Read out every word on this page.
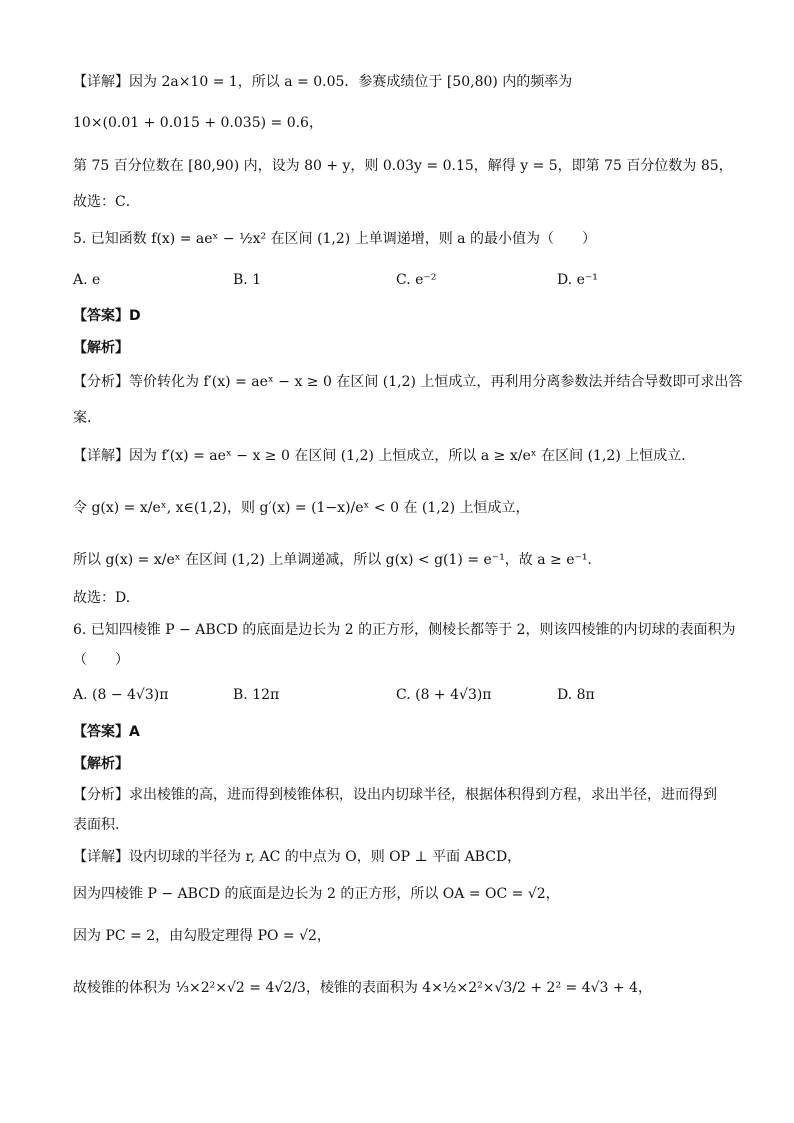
【详解】因为 2a×10 = 1，所以 a = 0.05．参赛成绩位于 [50,80) 内的频率为
10×(0.01 + 0.015 + 0.035) = 0.6，
第 75 百分位数在 [80,90) 内，设为 80 + y，则 0.03y = 0.15，解得 y = 5，即第 75 百分位数为 85，
故选：C．
5. 已知函数 f(x) = aeˣ − ½x² 在区间 (1,2) 上单调递增，则 a 的最小值为（　　）
A. e	B. 1	C. e⁻²	D. e⁻¹
【答案】D
【解析】
【分析】等价转化为 f′(x) = aeˣ − x ≥ 0 在区间 (1,2) 上恒成立，再利用分离参数法并结合导数即可求出答
案.
【详解】因为 f′(x) = aeˣ − x ≥ 0 在区间 (1,2) 上恒成立，所以 a ≥ x/eˣ 在区间 (1,2) 上恒成立.
令 g(x) = x/eˣ, x∈(1,2)，则 g′(x) = (1−x)/eˣ < 0 在 (1,2) 上恒成立，
所以 g(x) = x/eˣ 在区间 (1,2) 上单调递减，所以 g(x) < g(1) = e⁻¹，故 a ≥ e⁻¹．
故选：D.
6. 已知四棱锥 P − ABCD 的底面是边长为 2 的正方形，侧棱长都等于 2，则该四棱锥的内切球的表面积为
（　　）
A. (8 − 4√3)π	B. 12π	C. (8 + 4√3)π	D. 8π
【答案】A
【解析】
【分析】求出棱锥的高，进而得到棱锥体积，设出内切球半径，根据体积得到方程，求出半径，进而得到
表面积.
【详解】设内切球的半径为 r, AC 的中点为 O，则 OP ⊥ 平面 ABCD，
因为四棱锥 P − ABCD 的底面是边长为 2 的正方形，所以 OA = OC = √2，
因为 PC = 2，由勾股定理得 PO = √2，
故棱锥的体积为 ⅓×2²×√2 = 4√2/3，棱锥的表面积为 4×½×2²×√3/2 + 2² = 4√3 + 4，
